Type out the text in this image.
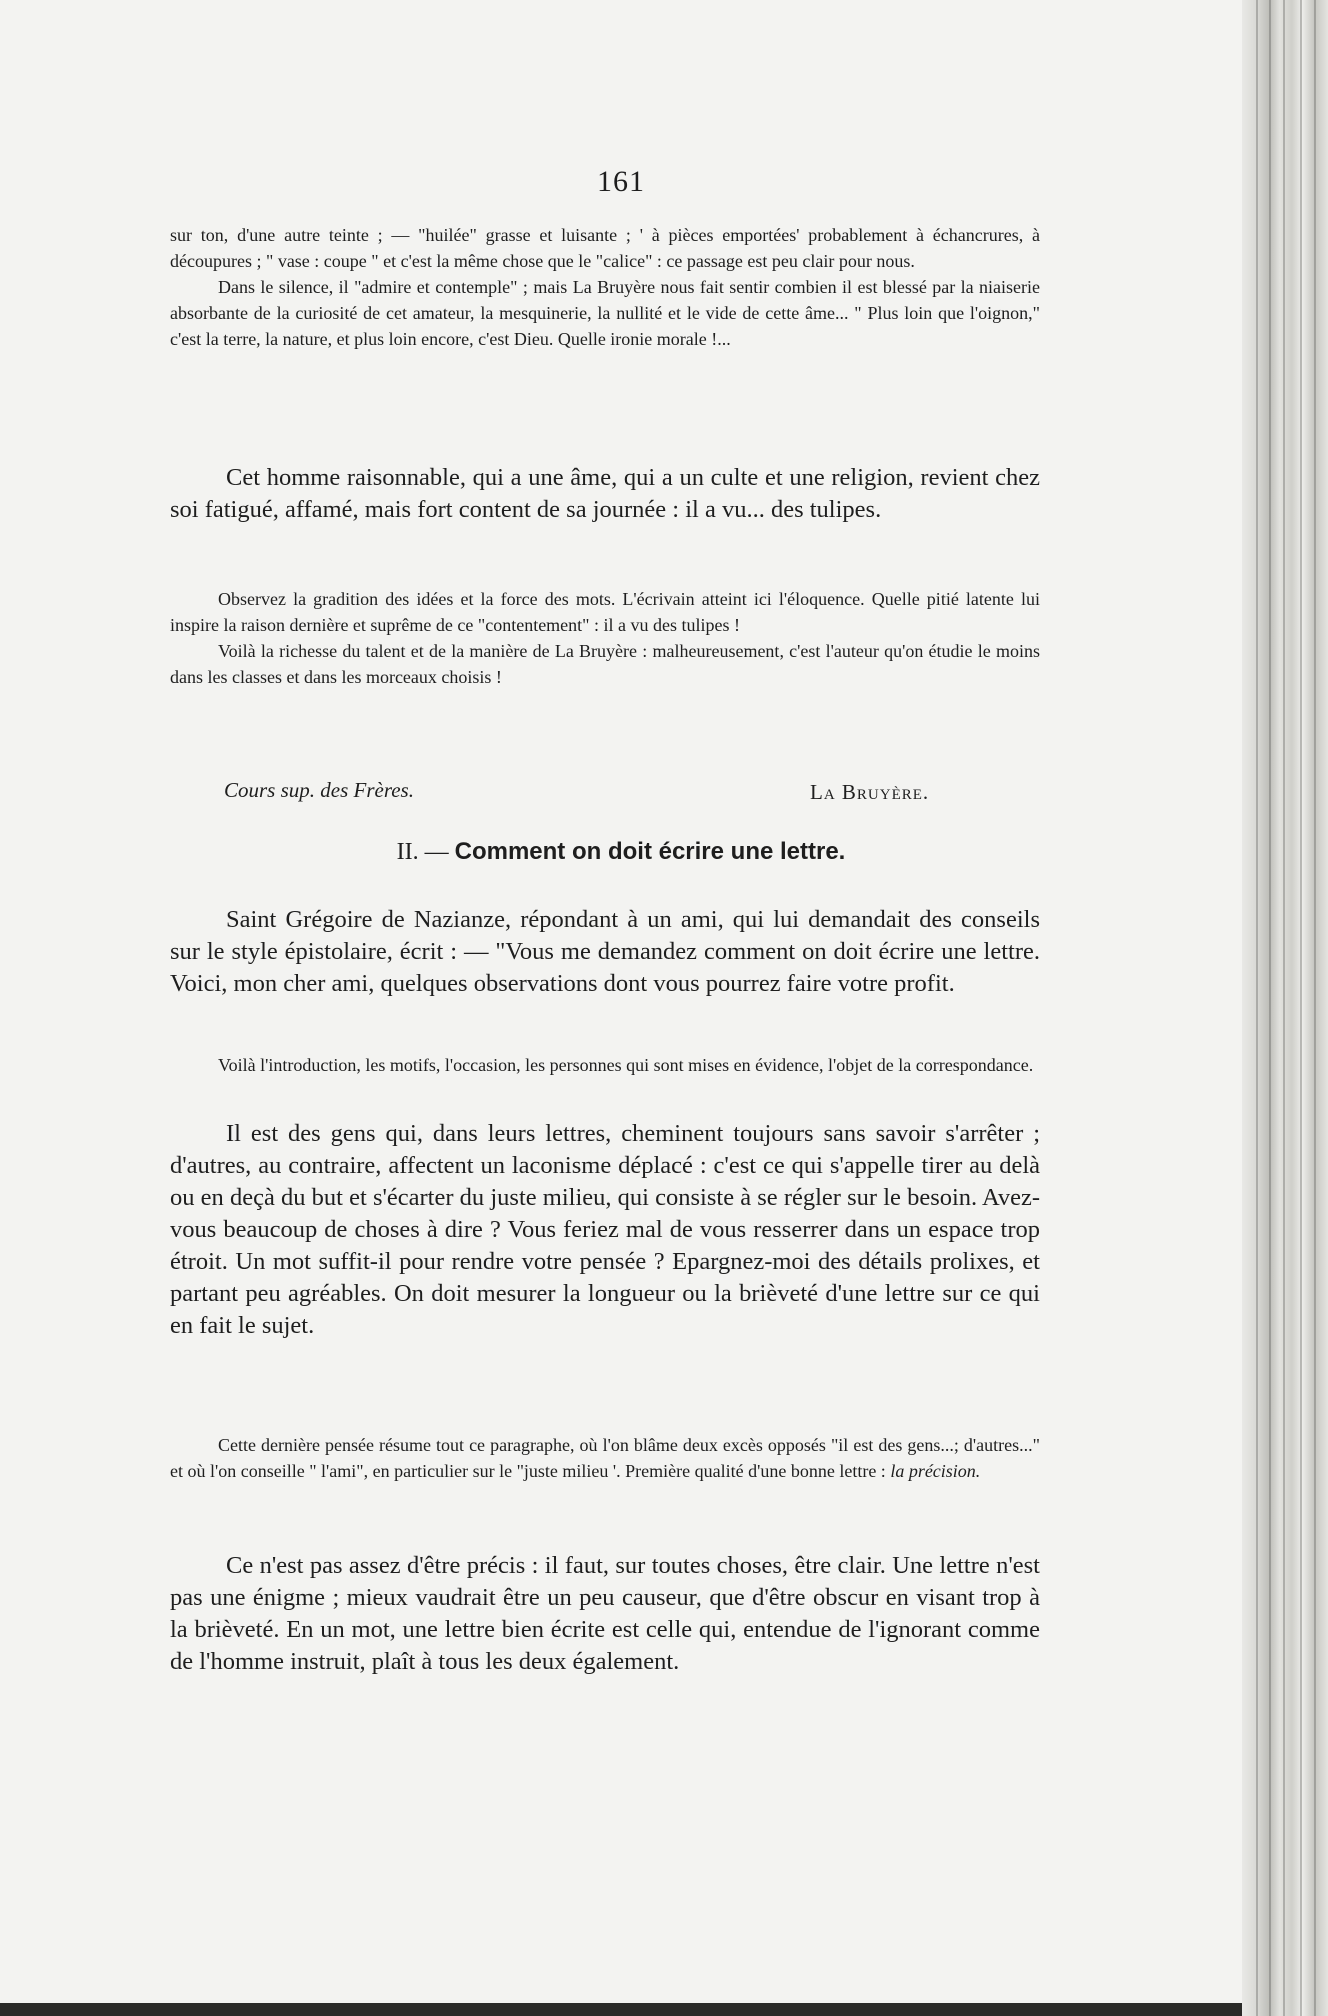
161

sur ton, d'une autre teinte ; — "huilée" grasse et luisante ; ' à pièces emportées' probablement à échancrures, à découpures ; " vase : coupe " et c'est la même chose que le "calice" : ce passage est peu clair pour nous.

Dans le silence, il "admire et contemple" ; mais La Bruyère nous fait sentir combien il est blessé par la niaiserie absorbante de la curiosité de cet amateur, la mesquinerie, la nullité et le vide de cette âme... " Plus loin que l'oignon," c'est la terre, la nature, et plus loin encore, c'est Dieu. Quelle ironie morale !...

Cet homme raisonnable, qui a une âme, qui a un culte et une religion, revient chez soi fatigué, affamé, mais fort content de sa journée : il a vu... des tulipes.

Observez la gradition des idées et la force des mots. L'écrivain atteint ici l'éloquence. Quelle pitié latente lui inspire la raison dernière et suprême de ce "contentement" : il a vu des tulipes !

Voilà la richesse du talent et de la manière de La Bruyère : malheureusement, c'est l'auteur qu'on étudie le moins dans les classes et dans les morceaux choisis !

Cours sup. des Frères.	La Bruyère.
II. — Comment on doit écrire une lettre.

Saint Grégoire de Nazianze, répondant à un ami, qui lui demandait des conseils sur le style épistolaire, écrit : — "Vous me demandez comment on doit écrire une lettre. Voici, mon cher ami, quelques observations dont vous pourrez faire votre profit.

Voilà l'introduction, les motifs, l'occasion, les personnes qui sont mises en évidence, l'objet de la correspondance.

Il est des gens qui, dans leurs lettres, cheminent toujours sans savoir s'arrêter ; d'autres, au contraire, affectent un laconisme déplacé : c'est ce qui s'appelle tirer au delà ou en deçà du but et s'écarter du juste milieu, qui consiste à se régler sur le besoin. Avez-vous beaucoup de choses à dire ? Vous feriez mal de vous resserrer dans un espace trop étroit. Un mot suffit-il pour rendre votre pensée ? Epargnez-moi des détails prolixes, et partant peu agréables. On doit mesurer la longueur ou la brièveté d'une lettre sur ce qui en fait le sujet.

Cette dernière pensée résume tout ce paragraphe, où l'on blâme deux excès opposés "il est des gens...; d'autres..." et où l'on conseille " l'ami", en particulier sur le "juste milieu '. Première qualité d'une bonne lettre : la précision.

Ce n'est pas assez d'être précis : il faut, sur toutes choses, être clair. Une lettre n'est pas une énigme ; mieux vaudrait être un peu causeur, que d'être obscur en visant trop à la brièveté. En un mot, une lettre bien écrite est celle qui, entendue de l'ignorant comme de l'homme instruit, plaît à tous les deux également.
